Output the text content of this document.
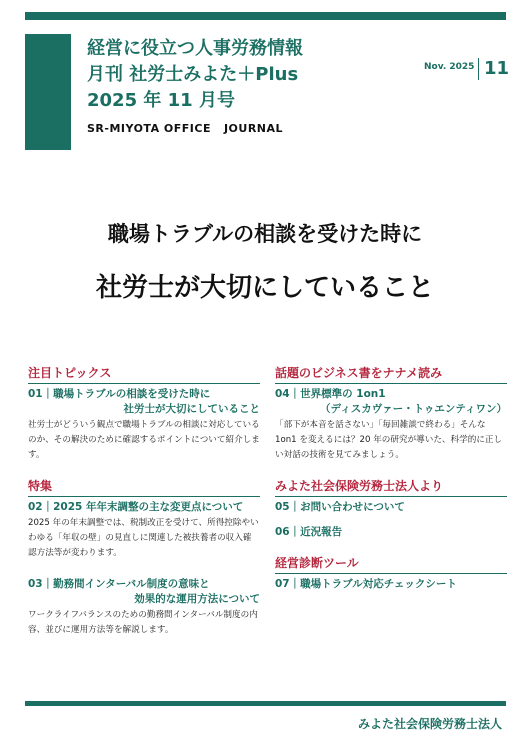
経営に役立つ人事労務情報
月刊 社労士みよた＋Plus
2025 年 11 月号
SR-MIYOTA OFFICE   JOURNAL
Nov. 2025 11
職場トラブルの相談を受けた時に
社労士が大切にしていること
注目トピックス
01｜職場トラブルの相談を受けた時に
社労士が大切にしていること
社労士がどういう観点で職場トラブルの相談に対応しているのか、その解決のために確認するポイントについて紹介します。
特集
02｜2025 年年末調整の主な変更点について
2025 年の年末調整では、税制改正を受けて、所得控除やいわゆる「年収の壁」の見直しに関連した被扶養者の収入確認方法等が変わります。
03｜勤務間インターバル制度の意味と
効果的な運用方法について
ワークライフバランスのための勤務間インターバル制度の内容、並びに運用方法等を解説します。
話題のビジネス書をナナメ読み
04｜世界標準の 1on1
（ディスカヴァー・トゥエンティワン）
「部下が本音を話さない」「毎回雑談で終わる」そんな 1on1 を変えるには？20 年の研究が導いた、科学的に正しい対話の技術を見てみましょう。
みよた社会保険労務士法人より
05｜お問い合わせについて
06｜近況報告
経営診断ツール
07｜職場トラブル対応チェックシート
みよた社会保険労務士法人
